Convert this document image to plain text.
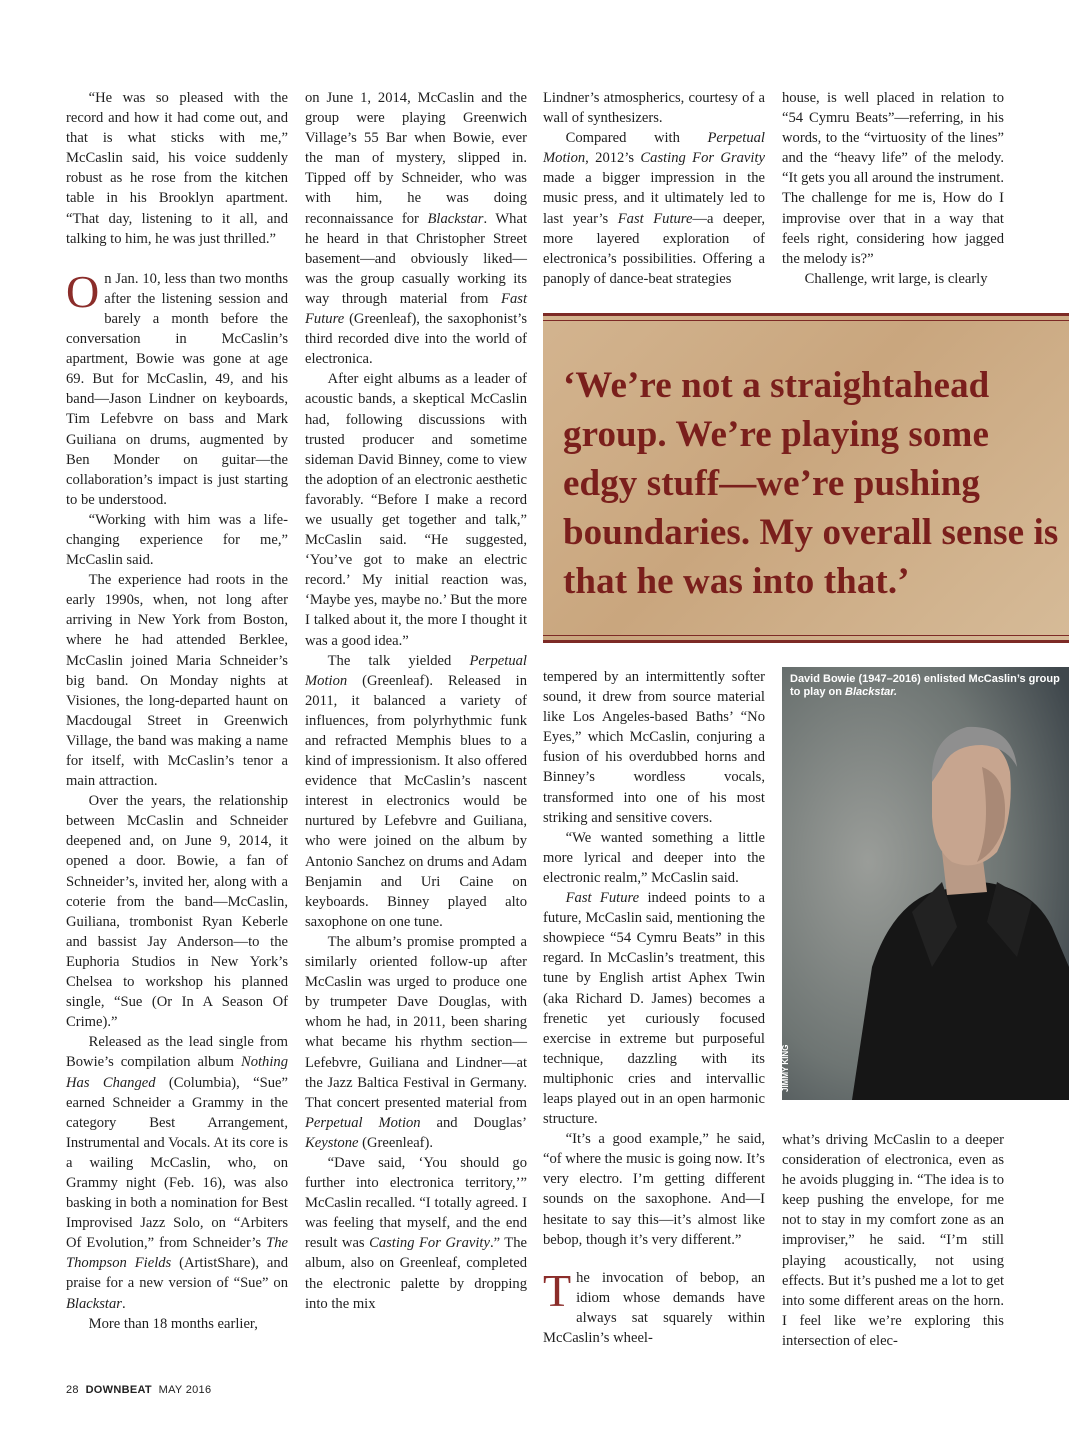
“He was so pleased with the record and how it had come out, and that is what sticks with me,” McCaslin said, his voice suddenly robust as he rose from the kitchen table in his Brooklyn apartment. “That day, listening to it all, and talking to him, he was just thrilled.”

On Jan. 10, less than two months after the listening session and barely a month before the conversation in McCaslin’s apartment, Bowie was gone at age 69. But for McCaslin, 49, and his band—Jason Lindner on keyboards, Tim Lefebvre on bass and Mark Guiliana on drums, augmented by Ben Monder on guitar—the collaboration’s impact is just starting to be understood.

“Working with him was a life-changing experience for me,” McCaslin said.

The experience had roots in the early 1990s, when, not long after arriving in New York from Boston, where he had attended Berklee, McCaslin joined Maria Schneider’s big band. On Monday nights at Visiones, the long-departed haunt on Macdougal Street in Greenwich Village, the band was making a name for itself, with McCaslin’s tenor a main attraction.

Over the years, the relationship between McCaslin and Schneider deepened and, on June 9, 2014, it opened a door. Bowie, a fan of Schneider’s, invited her, along with a coterie from the band—McCaslin, Guiliana, trombonist Ryan Keberle and bassist Jay Anderson—to the Euphoria Studios in New York’s Chelsea to workshop his planned single, “Sue (Or In A Season Of Crime).”

Released as the lead single from Bowie’s compilation album Nothing Has Changed (Columbia), “Sue” earned Schneider a Grammy in the category Best Arrangement, Instrumental and Vocals. At its core is a wailing McCaslin, who, on Grammy night (Feb. 16), was also basking in both a nomination for Best Improvised Jazz Solo, on “Arbiters Of Evolution,” from Schneider’s The Thompson Fields (ArtistShare), and praise for a new version of “Sue” on Blackstar.

More than 18 months earlier,

on June 1, 2014, McCaslin and the group were playing Greenwich Village’s 55 Bar when Bowie, ever the man of mystery, slipped in. Tipped off by Schneider, who was with him, he was doing reconnaissance for Blackstar. What he heard in that Christopher Street basement—and obviously liked—was the group casually working its way through material from Fast Future (Greenleaf), the saxophonist’s third recorded dive into the world of electronica.

After eight albums as a leader of acoustic bands, a skeptical McCaslin had, following discussions with trusted producer and sometime sideman David Binney, come to view the adoption of an electronic aesthetic favorably. “Before I make a record we usually get together and talk,” McCaslin said. “He suggested, ‘You’ve got to make an electric record.’ My initial reaction was, ‘Maybe yes, maybe no.’ But the more I talked about it, the more I thought it was a good idea.”

The talk yielded Perpetual Motion (Greenleaf). Released in 2011, it balanced a variety of influences, from polyrhythmic funk and refracted Memphis blues to a kind of impressionism. It also offered evidence that McCaslin’s nascent interest in electronics would be nurtured by Lefebvre and Guiliana, who were joined on the album by Antonio Sanchez on drums and Adam Benjamin and Uri Caine on keyboards. Binney played alto saxophone on one tune.

The album’s promise prompted a similarly oriented follow-up after McCaslin was urged to produce one by trumpeter Dave Douglas, with whom he had, in 2011, been sharing what became his rhythm section—Lefebvre, Guiliana and Lindner—at the Jazz Baltica Festival in Germany. That concert presented material from Perpetual Motion and Douglas’ Keystone (Greenleaf).

“Dave said, ‘You should go further into electronica territory,’” McCaslin recalled. “I totally agreed. I was feeling that myself, and the end result was Casting For Gravity.” The album, also on Greenleaf, completed the electronic palette by dropping into the mix

Lindner’s atmospherics, courtesy of a wall of synthesizers.

Compared with Perpetual Motion, 2012’s Casting For Gravity made a bigger impression in the music press, and it ultimately led to last year’s Fast Future—a deeper, more layered exploration of electronica’s possibilities. Offering a panoply of dance-beat strategies

house, is well placed in relation to “54 Cymru Beats”—referring, in his words, to the “virtuosity of the lines” and the “heavy life” of the melody. “It gets you all around the instrument. The challenge for me is, How do I improvise over that in a way that feels right, considering how jagged the melody is?”

Challenge, writ large, is clearly

‘We’re not a straightahead group. We’re playing some edgy stuff—we’re pushing boundaries. My overall sense is that he was into that.’

tempered by an intermittently softer sound, it drew from source material like Los Angeles-based Baths’ “No Eyes,” which McCaslin, conjuring a fusion of his overdubbed horns and Binney’s wordless vocals, transformed into one of his most striking and sensitive covers.

“We wanted something a little more lyrical and deeper into the electronic realm,” McCaslin said.

Fast Future indeed points to a future, McCaslin said, mentioning the showpiece “54 Cymru Beats” in this regard. In McCaslin’s treatment, this tune by English artist Aphex Twin (aka Richard D. James) becomes a frenetic yet curiously focused exercise in extreme but purposeful technique, dazzling with its multiphonic cries and intervallic leaps played out in an open harmonic structure.

“It’s a good example,” he said, “of where the music is going now. It’s very electro. I’m getting different sounds on the saxophone. And—I hesitate to say this—it’s almost like bebop, though it’s very different.”

The invocation of bebop, an idiom whose demands have always sat squarely within McCaslin’s wheel-

David Bowie (1947–2016) enlisted McCaslin’s group to play on Blackstar.
JIMMY KING

what’s driving McCaslin to a deeper consideration of electronica, even as he avoids plugging in. “The idea is to keep pushing the envelope, for me not to stay in my comfort zone as an improviser,” he said. “I’m still playing acoustically, not using effects. But it’s pushed me a lot to get into some different areas on the horn. I feel like we’re exploring this intersection of elec-

28 DOWNBEAT MAY 2016
